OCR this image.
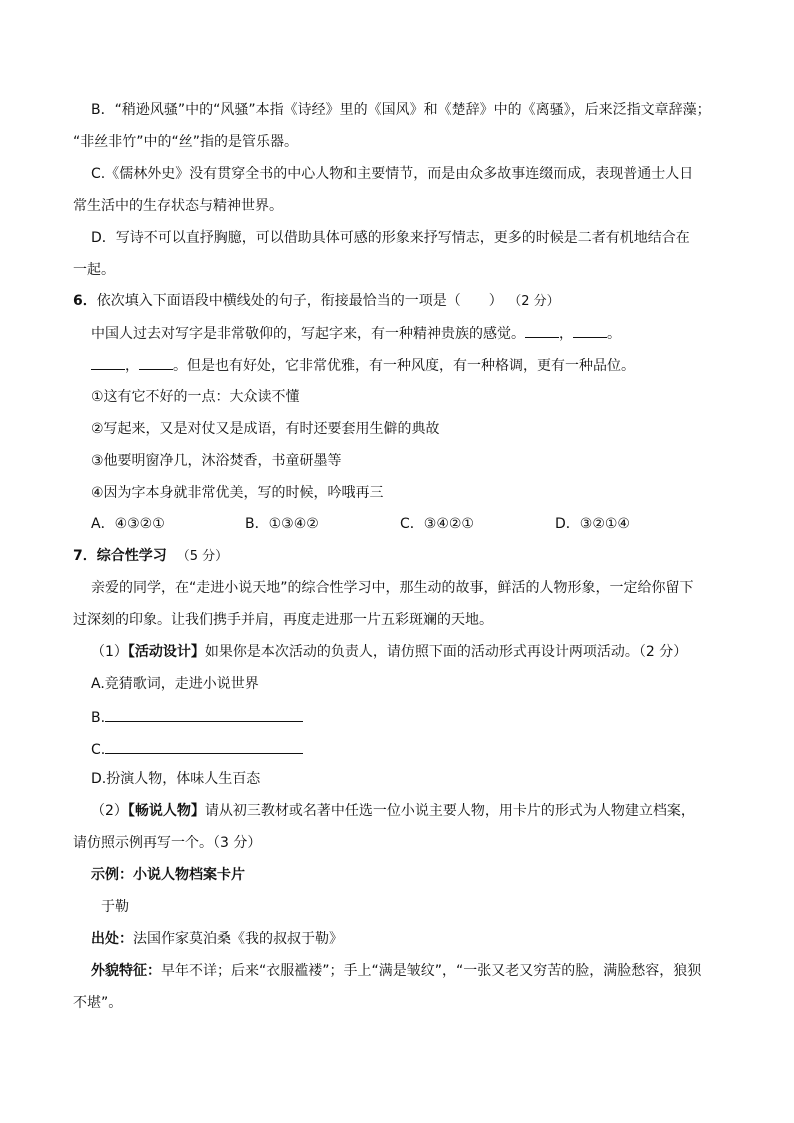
B．“稍逊风骚”中的“风骚”本指《诗经》里的《国风》和《楚辞》中的《离骚》，后来泛指文章辞藻；
“非丝非竹”中的“丝”指的是管乐器。
C.《儒林外史》没有贯穿全书的中心人物和主要情节，而是由众多故事连缀而成，表现普通士人日
常生活中的生存状态与精神世界。
D．写诗不可以直抒胸臆，可以借助具体可感的形象来抒写情志，更多的时候是二者有机地结合在
一起。
6．依次填入下面语段中横线处的句子，衔接最恰当的一项是（　　） （2 分）
中国人过去对写字是非常敬仰的，写起字来，有一种精神贵族的感觉。 ， 。
， 。但是也有好处，它非常优雅，有一种风度，有一种格调，更有一种品位。
①这有它不好的一点：大众读不懂
②写起来，又是对仗又是成语，有时还要套用生僻的典故
③他要明窗净几，沐浴焚香，书童研墨等
④因为字本身就非常优美，写的时候，吟哦再三
A．④③②①	B．①③④②	C．③④②①	D．③②①④
7．综合性学习 （5 分）
亲爱的同学，在“走进小说天地”的综合性学习中，那生动的故事，鲜活的人物形象，一定给你留下
过深刻的印象。让我们携手并肩，再度走进那一片五彩斑斓的天地。
（1）【活动设计】如果你是本次活动的负责人，请仿照下面的活动形式再设计两项活动。（2 分）
A.竞猜歌词，走进小说世界
B.
C.
D.扮演人物，体味人生百态
（2）【畅说人物】请从初三教材或名著中任选一位小说主要人物，用卡片的形式为人物建立档案，
请仿照示例再写一个。（3 分）
示例：小说人物档案卡片
于勒
出处：法国作家莫泊桑《我的叔叔于勒》
外貌特征：早年不详；后来“衣服褴褛”；手上“满是皱纹”，“一张又老又穷苦的脸，满脸愁容，狼狈
不堪”。
